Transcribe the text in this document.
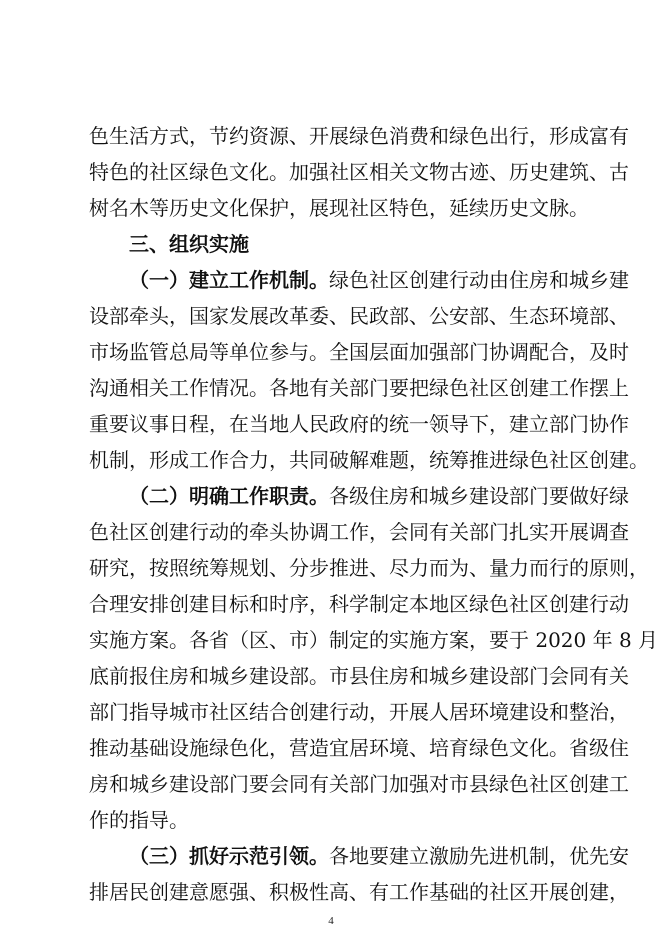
色生活方式，节约资源、开展绿色消费和绿色出行，形成富有
特色的社区绿色文化。加强社区相关文物古迹、历史建筑、古
树名木等历史文化保护，展现社区特色，延续历史文脉。
三、组织实施
（一）建立工作机制。绿色社区创建行动由住房和城乡建
设部牵头，国家发展改革委、民政部、公安部、生态环境部、
市场监管总局等单位参与。全国层面加强部门协调配合，及时
沟通相关工作情况。各地有关部门要把绿色社区创建工作摆上
重要议事日程，在当地人民政府的统一领导下，建立部门协作
机制，形成工作合力，共同破解难题，统筹推进绿色社区创建。
（二）明确工作职责。各级住房和城乡建设部门要做好绿
色社区创建行动的牵头协调工作，会同有关部门扎实开展调查
研究，按照统筹规划、分步推进、尽力而为、量力而行的原则，
合理安排创建目标和时序，科学制定本地区绿色社区创建行动
实施方案。各省（区、市）制定的实施方案，要于 2020 年 8 月
底前报住房和城乡建设部。市县住房和城乡建设部门会同有关
部门指导城市社区结合创建行动，开展人居环境建设和整治，
推动基础设施绿色化，营造宜居环境、培育绿色文化。省级住
房和城乡建设部门要会同有关部门加强对市县绿色社区创建工
作的指导。
（三）抓好示范引领。各地要建立激励先进机制，优先安
排居民创建意愿强、积极性高、有工作基础的社区开展创建，
4
